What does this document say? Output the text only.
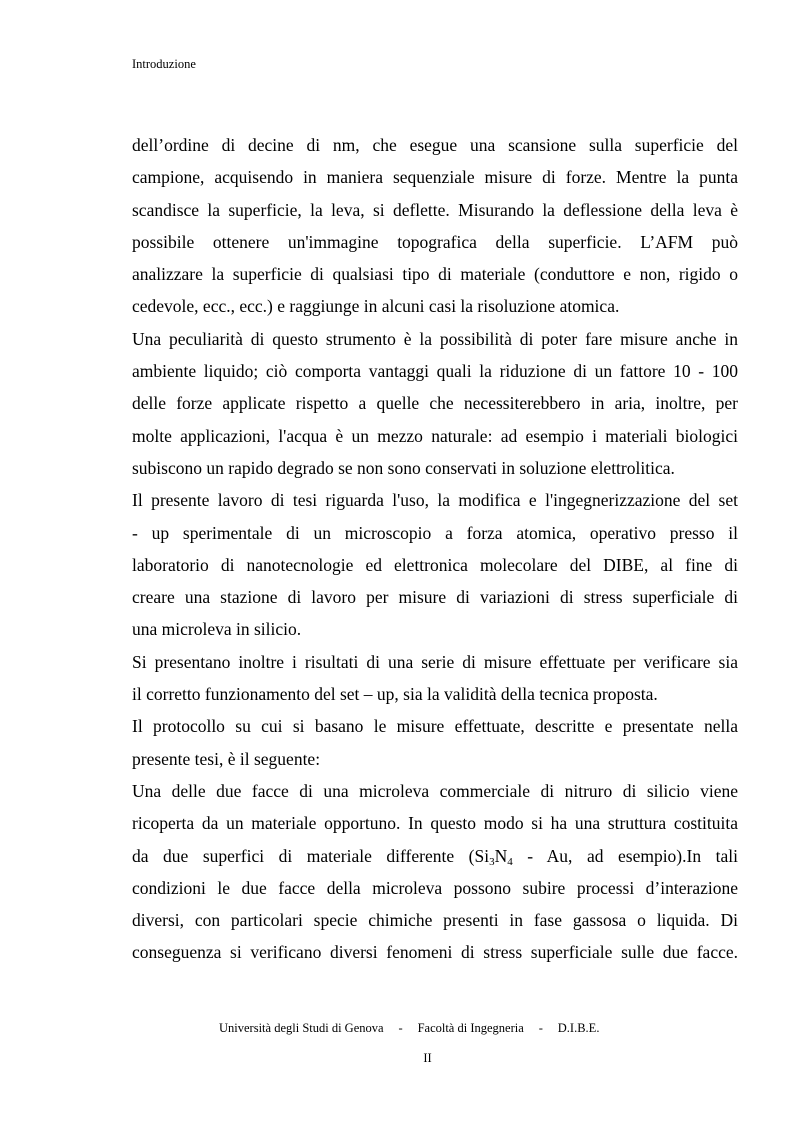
Introduzione
dell’ordine di decine di nm, che esegue una scansione sulla superficie del
campione, acquisendo in maniera sequenziale misure di forze. Mentre la punta
scandisce la superficie, la leva, si deflette. Misurando la deflessione della leva è
possibile ottenere un'immagine topografica della superficie. L’AFM può
analizzare la superficie di qualsiasi tipo di materiale (conduttore e non, rigido o
cedevole, ecc., ecc.) e raggiunge in alcuni casi la risoluzione atomica.
Una peculiarità di questo strumento è la possibilità di poter fare misure anche in
ambiente liquido; ciò comporta vantaggi quali la riduzione di un fattore 10 - 100
delle forze applicate rispetto a quelle che necessiterebbero in aria, inoltre, per
molte applicazioni, l'acqua è un mezzo naturale: ad esempio i materiali biologici
subiscono un rapido degrado se non sono conservati in soluzione elettrolitica.
Il presente lavoro di tesi riguarda l'uso, la modifica e l'ingegnerizzazione del set
- up sperimentale di un microscopio a forza atomica, operativo presso il
laboratorio di nanotecnologie ed elettronica molecolare del DIBE, al fine di
creare una stazione di lavoro per misure di variazioni di stress superficiale di
una microleva in silicio.
Si presentano inoltre i risultati di una serie di misure effettuate per verificare sia
il corretto funzionamento del set – up, sia la validità della tecnica proposta.
Il protocollo su cui si basano le misure effettuate, descritte e presentate nella
presente tesi, è il seguente:
Una delle due facce di una microleva commerciale di nitruro di silicio viene
ricoperta da un materiale opportuno. In questo modo si ha una struttura costituita
da due superfici di materiale differente ($Si_3N_4$ - Au, ad esempio).In tali
condizioni le due facce della microleva possono subire processi d’interazione
diversi, con particolari specie chimiche presenti in fase gassosa o liquida. Di
conseguenza si verificano diversi fenomeni di stress superficiale sulle due facce.
Università degli Studi di Genova - Facoltà di Ingegneria - D.I.B.E.
II
